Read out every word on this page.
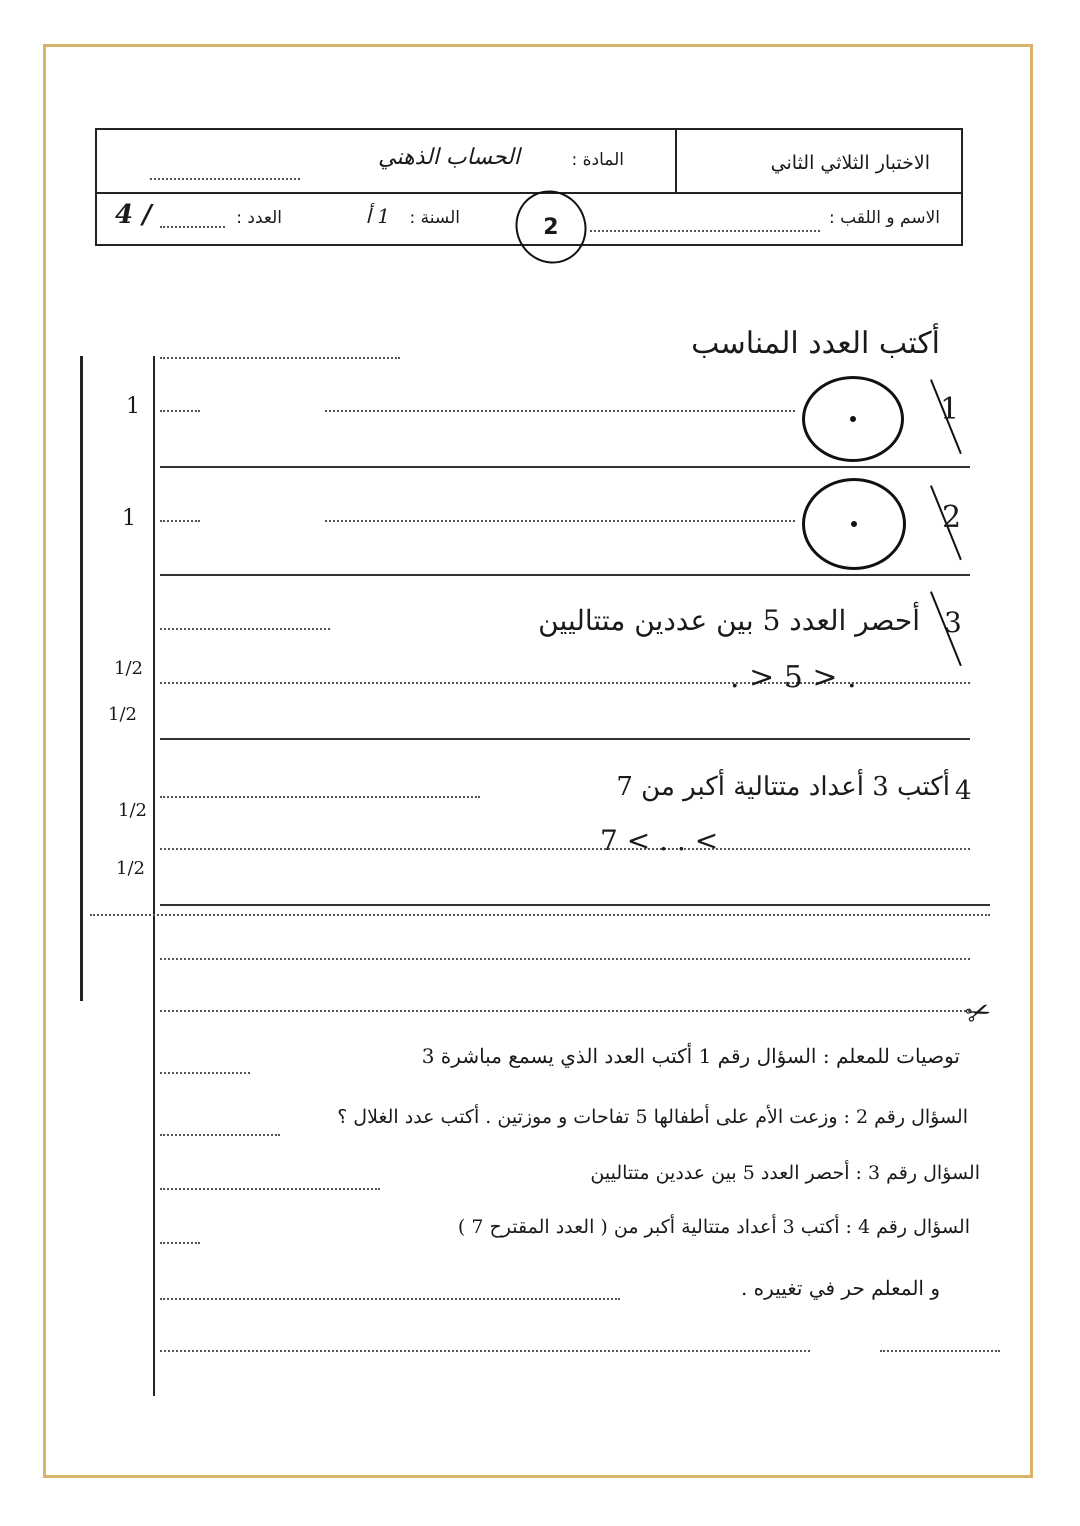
الاختبار الثلاثي الثاني
المادة :
الحساب الذهني
الاسم و اللقب :
السنة :
1 أ
العدد :
4 /	2
أكتب العدد المناسب
1	1
1	2
3
أحصر العدد 5 بين عددين متتاليين
1/2	. > 5 > .
1/2
4
أكتب 3 أعداد متتالية أكبر من 7
1/2
7 < . . <
1/2
✂
توصيات للمعلم : السؤال رقم 1 أكتب العدد الذي يسمع مباشرة 3
السؤال رقم 2 : وزعت الأم على أطفالها 5 تفاحات و موزتين . أكتب عدد الغلال ؟
السؤال رقم 3 : أحصر العدد 5 بين عددين متتاليين
السؤال رقم 4 : أكتب 3 أعداد متتالية أكبر من ( العدد المقترح 7 )
و المعلم حر في تغييره .
